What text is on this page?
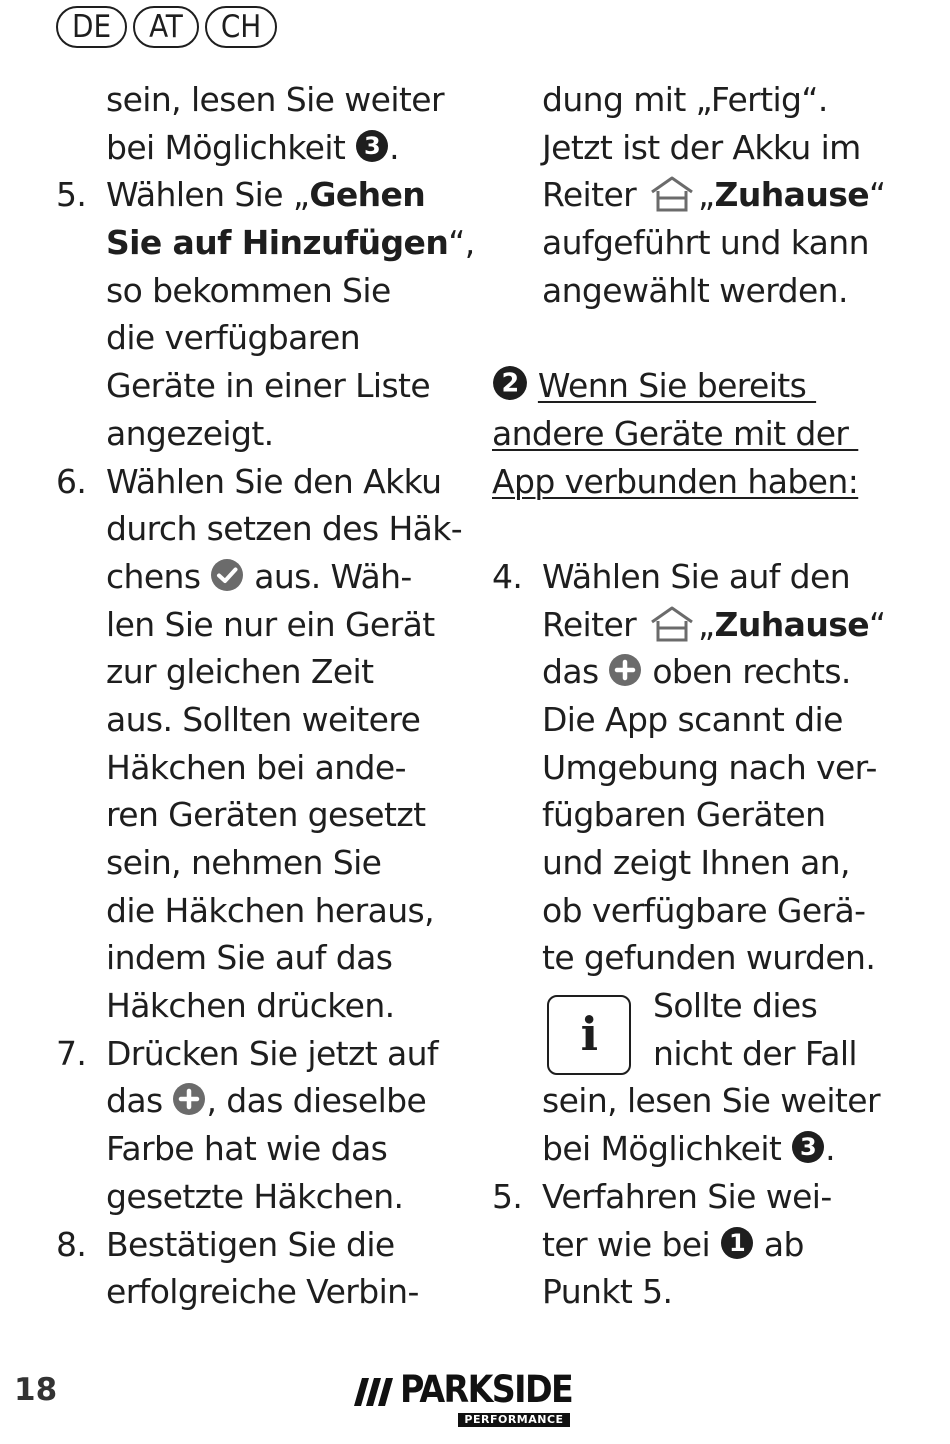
DE	AT	CH
sein, lesen Sie weiter
bei Möglichkeit 3 .
5. Wählen Sie „Gehen
Sie auf Hinzufügen“,
so bekommen Sie
die verfügbaren
Geräte in einer Liste
angezeigt.
6. Wählen Sie den Akku
durch setzen des Häk-
chens  aus. Wäh-
len Sie nur ein Gerät
zur gleichen Zeit
aus. Sollten weitere
Häkchen bei ande-
ren Geräten gesetzt
sein, nehmen Sie
die Häkchen heraus,
indem Sie auf das
Häkchen drücken.
7. Drücken Sie jetzt auf
das , das dieselbe
Farbe hat wie das
gesetzte Häkchen.
8. Bestätigen Sie die
erfolgreiche Verbin-
dung mit „Fertig“.
Jetzt ist der Akku im
Reiter „Zuhause“
aufgeführt und kann
angewählt werden.
2 Wenn Sie bereits
andere Geräte mit der
App verbunden haben:
4. Wählen Sie auf den
Reiter „Zuhause“
das  oben rechts.
Die App scannt die
Umgebung nach ver-
fügbaren Geräten
und zeigt Ihnen an,
ob verfügbare Gerä-
te gefunden wurden.
i
Sollte dies
nicht der Fall
sein, lesen Sie weiter
bei Möglichkeit 3 .
5. Verfahren Sie wei-
ter wie bei 1 ab
Punkt 5.
18	PARKSIDE
PERFORMANCE
